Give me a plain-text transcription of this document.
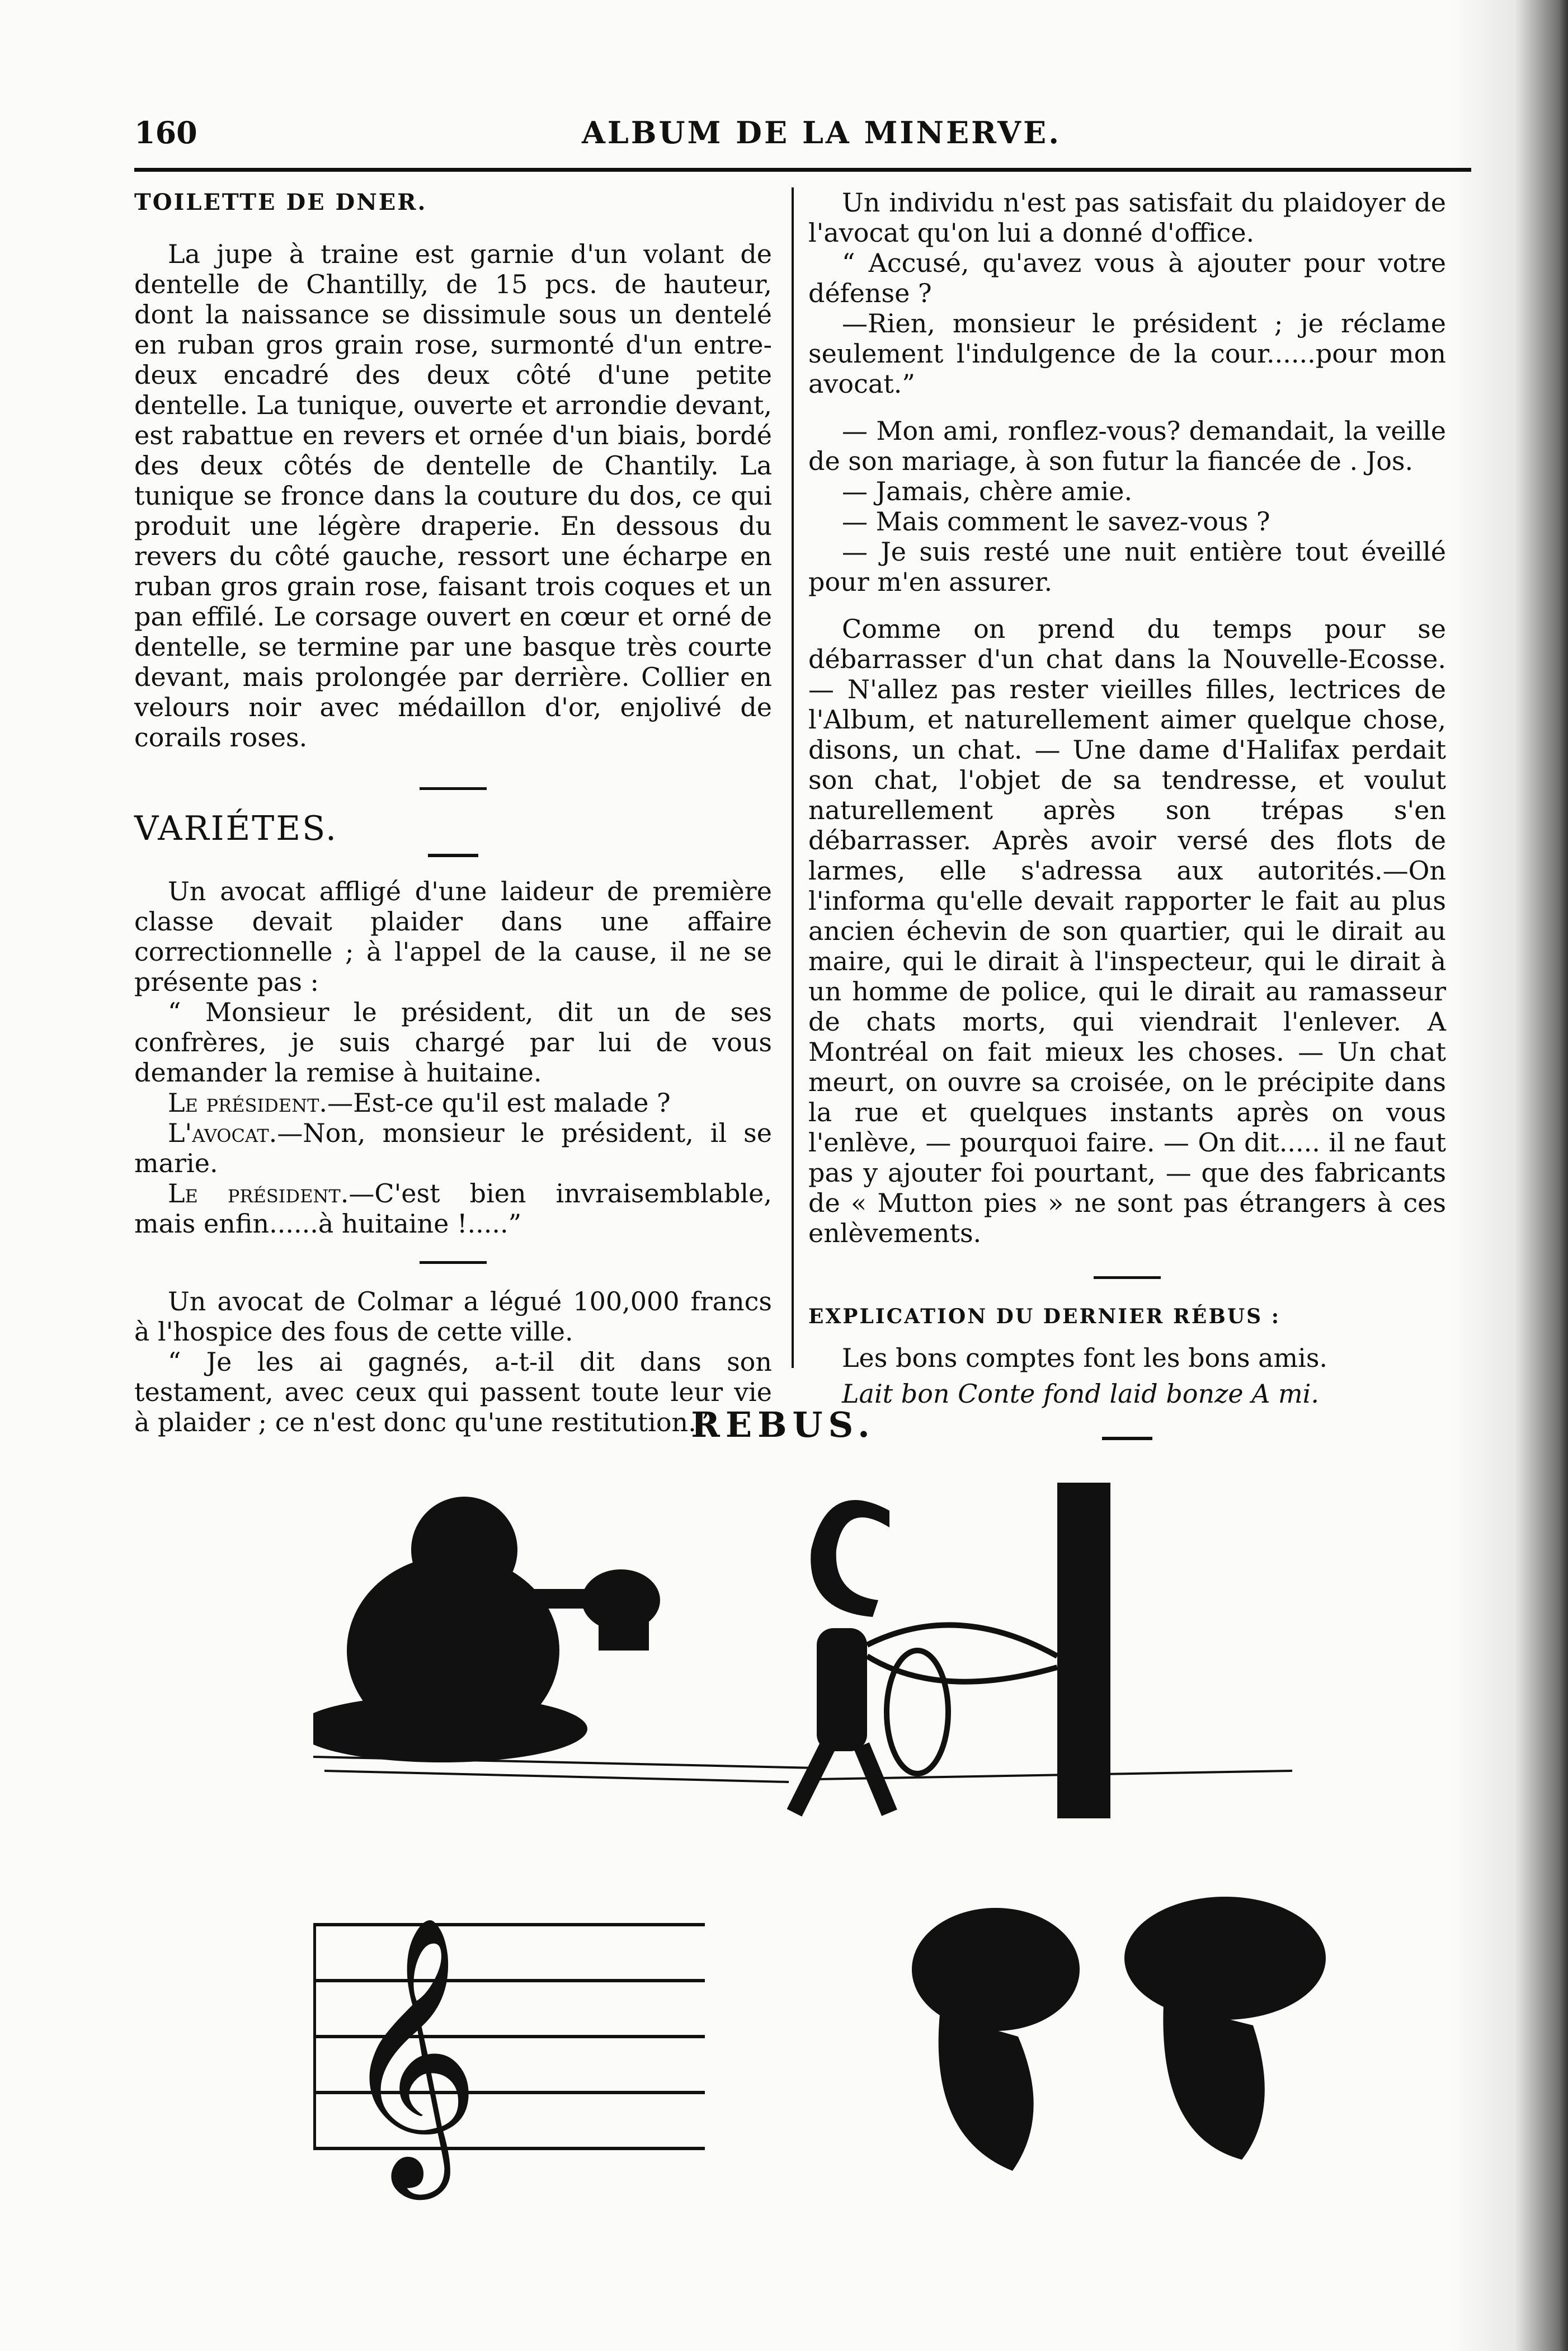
160	ALBUM DE LA MINERVE.

TOILETTE DE DNER.

La jupe à traine est garnie d'un volant de dentelle de Chantilly, de 15 pcs. de hauteur, dont la naissance se dissimule sous un dentelé en ruban gros grain rose, surmonté d'un entre-deux encadré des deux côté d'une petite dentelle. La tunique, ouverte et arrondie devant, est rabattue en revers et ornée d'un biais, bordé des deux côtés de dentelle de Chantily. La tunique se fronce dans la couture du dos, ce qui produit une légère draperie. En dessous du revers du côté gauche, ressort une écharpe en ruban gros grain rose, faisant trois coques et un pan effilé. Le corsage ouvert en cœur et orné de dentelle, se termine par une basque très courte devant, mais prolongée par derrière. Collier en velours noir avec médaillon d'or, enjolivé de corails roses.

VARIÉTES.

Un avocat affligé d'une laideur de première classe devait plaider dans une affaire correctionnelle ; à l'appel de la cause, il ne se présente pas :

“ Monsieur le président, dit un de ses confrères, je suis chargé par lui de vous demander la remise à huitaine.

Le président.—Est-ce qu'il est malade ?

L'avocat.—Non, monsieur le président, il se marie.

Le président.—C'est bien invraisemblable, mais enfin......à huitaine !.....”

Un avocat de Colmar a légué 100,000 francs à l'hospice des fous de cette ville.

“ Je les ai gagnés, a-t-il dit dans son testament, avec ceux qui passent toute leur vie à plaider ; ce n'est donc qu'une restitution.”

Un individu n'est pas satisfait du plaidoyer de l'avocat qu'on lui a donné d'office.

“ Accusé, qu'avez vous à ajouter pour votre défense ?

—Rien, monsieur le président ; je réclame seulement l'indulgence de la cour......pour mon avocat.”

— Mon ami, ronflez-vous? demandait, la veille de son mariage, à son futur la fiancée de . Jos.

— Jamais, chère amie.

— Mais comment le savez-vous ?

— Je suis resté une nuit entière tout éveillé pour m'en assurer.

Comme on prend du temps pour se débarrasser d'un chat dans la Nouvelle-Ecosse. — N'allez pas rester vieilles filles, lectrices de l'Album, et naturellement aimer quelque chose, disons, un chat. — Une dame d'Halifax perdait son chat, l'objet de sa tendresse, et voulut naturellement après son trépas s'en débarrasser. Après avoir versé des flots de larmes, elle s'adressa aux autorités.—On l'informa qu'elle devait rapporter le fait au plus ancien échevin de son quartier, qui le dirait au maire, qui le dirait à l'inspecteur, qui le dirait à un homme de police, qui le dirait au ramasseur de chats morts, qui viendrait l'enlever. A Montréal on fait mieux les choses. — Un chat meurt, on ouvre sa croisée, on le précipite dans la rue et quelques instants après on vous l'enlève, — pourquoi faire. — On dit..... il ne faut pas y ajouter foi pourtant, — que des fabricants de « Mutton pies » ne sont pas étrangers à ces enlèvements.

EXPLICATION DU DERNIER RÉBUS :

Les bons comptes font les bons amis.

Lait bon Conte fond laid bonze A mi.

REBUS.
𝄞
